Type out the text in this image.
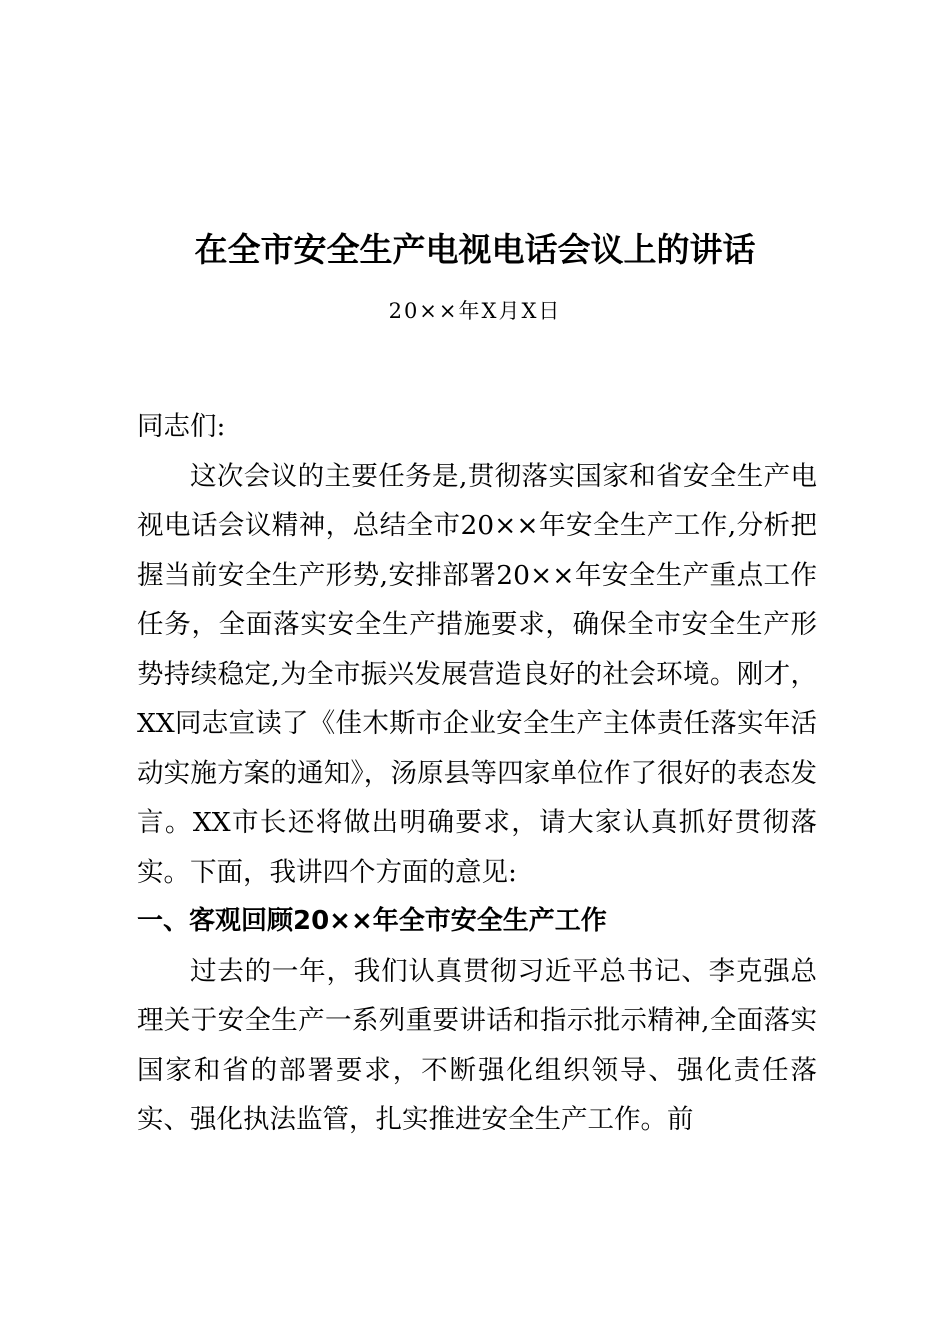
在全市安全生产电视电话会议上的讲话
20××年X月X日

同志们:

这次会议的主要任务是,贯彻落实国家和省安全生产电视电话会议精神，总结全市20××年安全生产工作,分析把握当前安全生产形势,安排部署20××年安全生产重点工作任务，全面落实安全生产措施要求，确保全市安全生产形势持续稳定,为全市振兴发展营造良好的社会环境。刚才，XX同志宣读了《佳木斯市企业安全生产主体责任落实年活动实施方案的通知》，汤原县等四家单位作了很好的表态发言。XX市长还将做出明确要求，请大家认真抓好贯彻落实。下面，我讲四个方面的意见:

一、客观回顾20××年全市安全生产工作

过去的一年，我们认真贯彻习近平总书记、李克强总理关于安全生产一系列重要讲话和指示批示精神,全面落实国家和省的部署要求，不断强化组织领导、强化责任落实、强化执法监管，扎实推进安全生产工作。前
